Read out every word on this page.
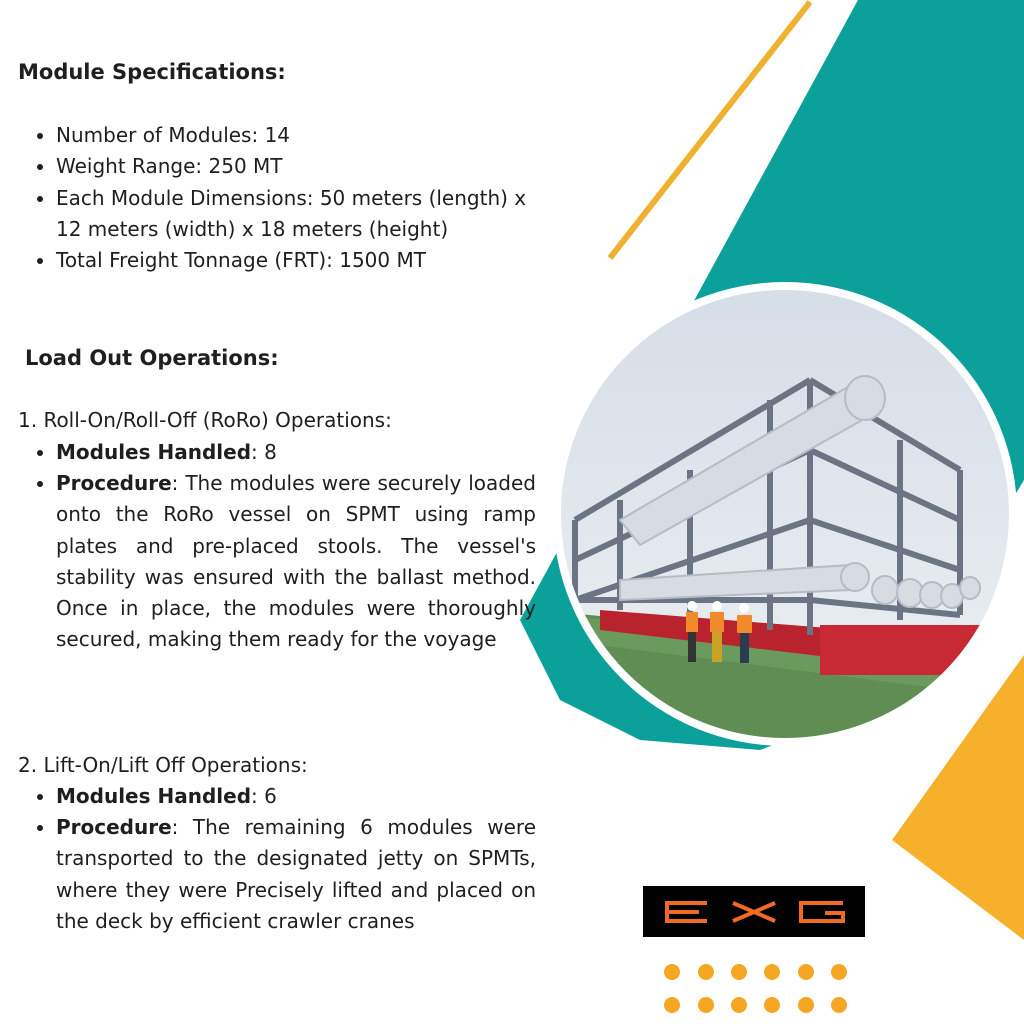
Module Specifications:
• Number of Modules: 14
• Weight Range: 250 MT
• Each Module Dimensions: 50 meters (length) x 12 meters (width) x 18 meters (height)
• Total Freight Tonnage (FRT): 1500 MT
Load Out Operations:
1. Roll-On/Roll-Off (RoRo) Operations:
• Modules Handled: 8
• Procedure: The modules were securely loaded onto the RoRo vessel on SPMT using ramp plates and pre-placed stools. The vessel's stability was ensured with the ballast method. Once in place, the modules were thoroughly secured, making them ready for the voyage
2. Lift-On/Lift Off Operations:
• Modules Handled: 6
• Procedure: The remaining 6 modules were transported to the designated jetty on SPMTs, where they were Precisely lifted and placed on the deck by efficient crawler cranes
